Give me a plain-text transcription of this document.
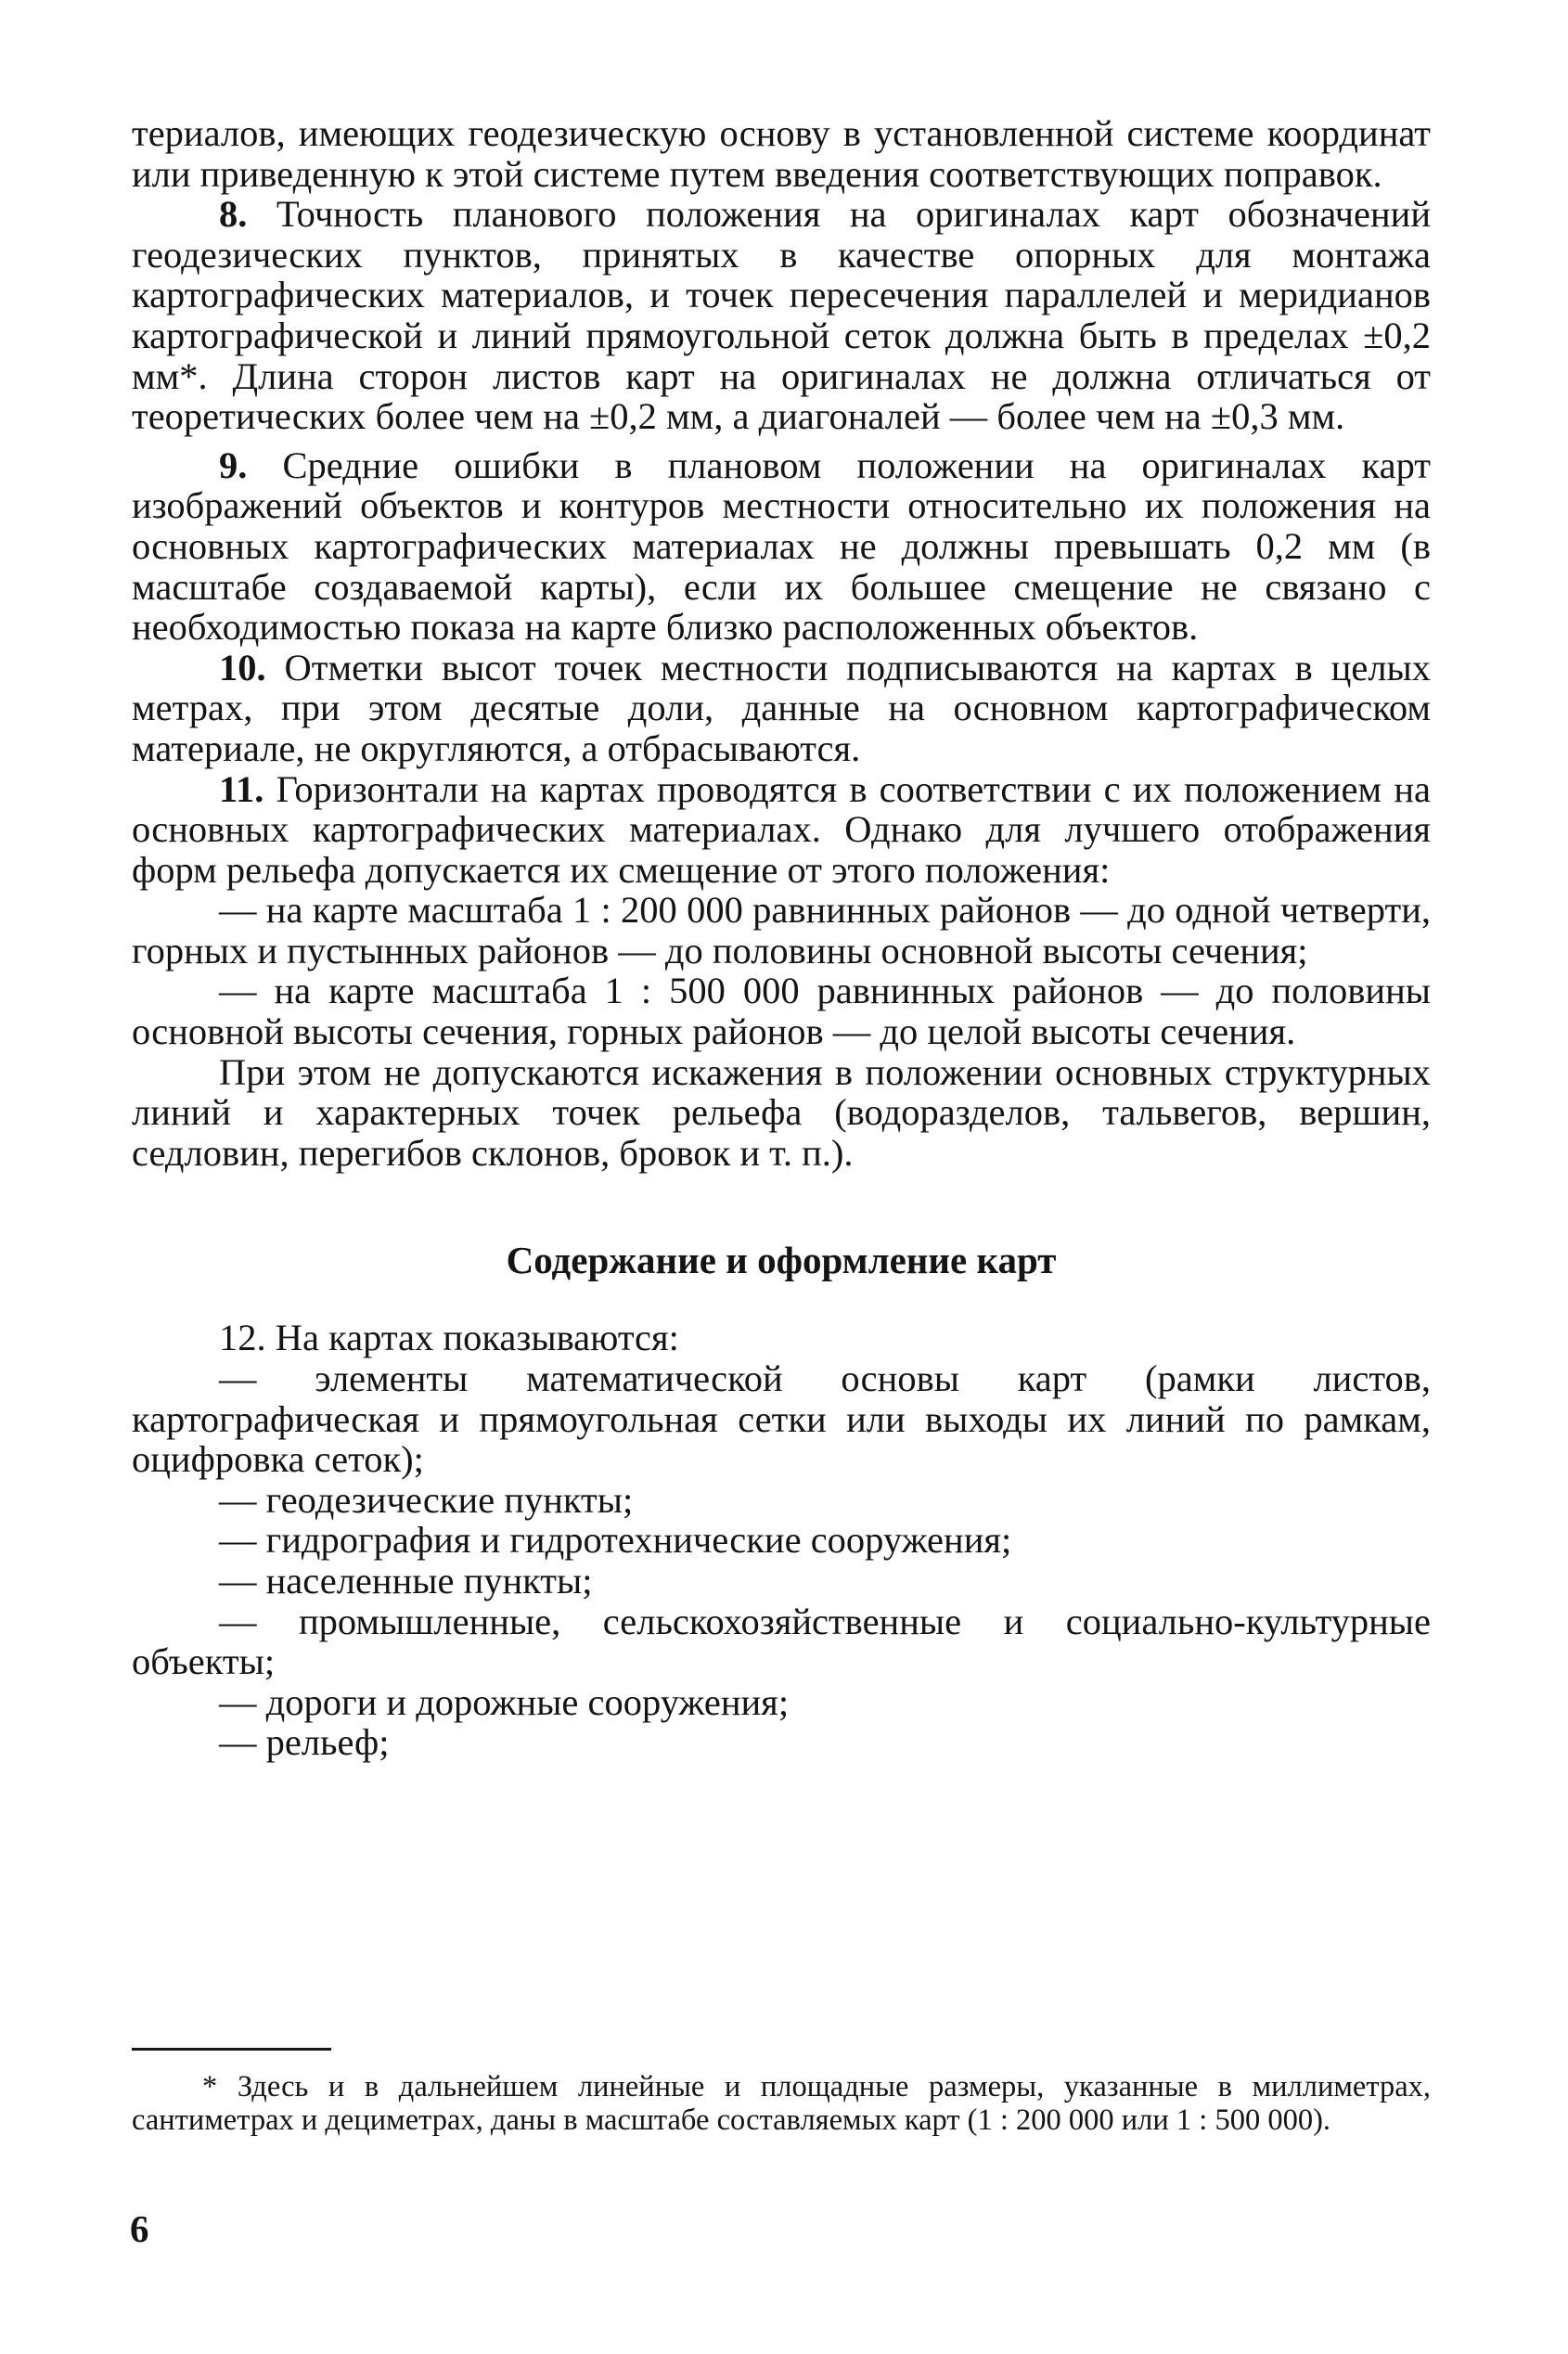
териалов, имеющих геодезическую основу в установленной системе координат или приведенную к этой системе путем введения соответствующих поправок.

8. Точность планового положения на оригиналах карт обозначений геодезических пунктов, принятых в качестве опорных для монтажа картографических материалов, и точек пересечения параллелей и меридианов картографической и линий прямоугольной сеток должна быть в пределах ±0,2 мм*. Длина сторон листов карт на оригиналах не должна отличаться от теоретических более чем на ±0,2 мм, а диагоналей — более чем на ±0,3 мм.

9. Средние ошибки в плановом положении на оригиналах карт изображений объектов и контуров местности относительно их положения на основных картографических материалах не должны превышать 0,2 мм (в масштабе создаваемой карты), если их большее смещение не связано с необходимостью показа на карте близко расположенных объектов.

10. Отметки высот точек местности подписываются на картах в целых метрах, при этом десятые доли, данные на основном картографическом материале, не округляются, а отбрасываются.

11. Горизонтали на картах проводятся в соответствии с их положением на основных картографических материалах. Однако для лучшего отображения форм рельефа допускается их смещение от этого положения:

— на карте масштаба 1 : 200 000 равнинных районов — до одной четверти, горных и пустынных районов — до половины основной высоты сечения;

— на карте масштаба 1 : 500 000 равнинных районов — до половины основной высоты сечения, горных районов — до целой высоты сечения.

При этом не допускаются искажения в положении основных структурных линий и характерных точек рельефа (водоразделов, тальвегов, вершин, седловин, перегибов склонов, бровок и т. п.).

Содержание и оформление карт

12. На картах показываются:

— элементы математической основы карт (рамки листов, картографическая и прямоугольная сетки или выходы их линий по рамкам, оцифровка сеток);

— геодезические пункты;

— гидрография и гидротехнические сооружения;

— населенные пункты;

— промышленные, сельскохозяйственные и социально-культурные объекты;

— дороги и дорожные сооружения;

— рельеф;

* Здесь и в дальнейшем линейные и площадные размеры, указанные в миллиметрах, сантиметрах и дециметрах, даны в масштабе составляемых карт (1 : 200 000 или 1 : 500 000).

6
